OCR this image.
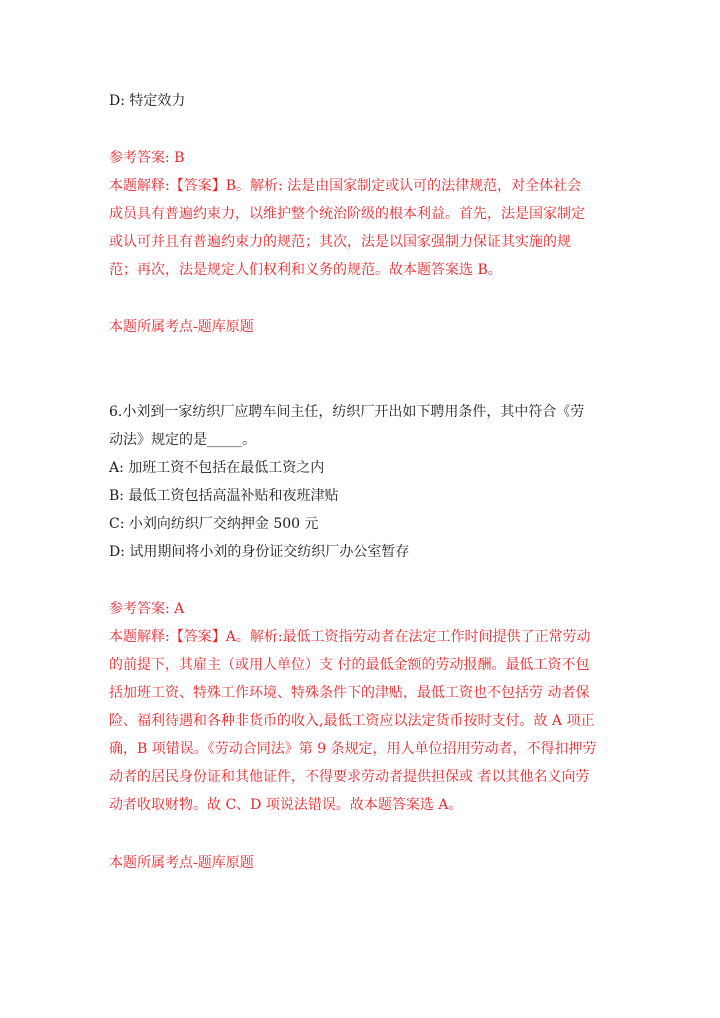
D: 特定效力
参考答案: B
本题解释:【答案】B。解析: 法是由国家制定或认可的法律规范，对全体社会
成员具有普遍约束力，以维护整个统治阶级的根本利益。首先，法是国家制定
或认可并且有普遍约束力的规范；其次，法是以国家强制力保证其实施的规
范；再次，法是规定人们权利和义务的规范。故本题答案选 B。
本题所属考点-题库原题
6.小刘到一家纺织厂应聘车间主任，纺织厂开出如下聘用条件，其中符合《劳
动法》规定的是_____。
A: 加班工资不包括在最低工资之内
B: 最低工资包括高温补贴和夜班津贴
C: 小刘向纺织厂交纳押金 500 元
D: 试用期间将小刘的身份证交纺织厂办公室暂存
参考答案: A
本题解释:【答案】A。解析:最低工资指劳动者在法定工作时间提供了正常劳动
的前提下，其雇主（或用人单位）支 付的最低金额的劳动报酬。最低工资不包
括加班工资、特殊工作环境、特殊条件下的津贴，最低工资也不包括劳 动者保
险、福利待遇和各种非货币的收入,最低工资应以法定货币按时支付。故 A 项正
确，B 项错误。《劳动合同法》第 9 条规定，用人单位招用劳动者，不得扣押劳
动者的居民身份证和其他证件，不得要求劳动者提供担保或 者以其他名义向劳
动者收取财物。故 C、D 项说法错误。故本题答案选 A。
本题所属考点-题库原题
